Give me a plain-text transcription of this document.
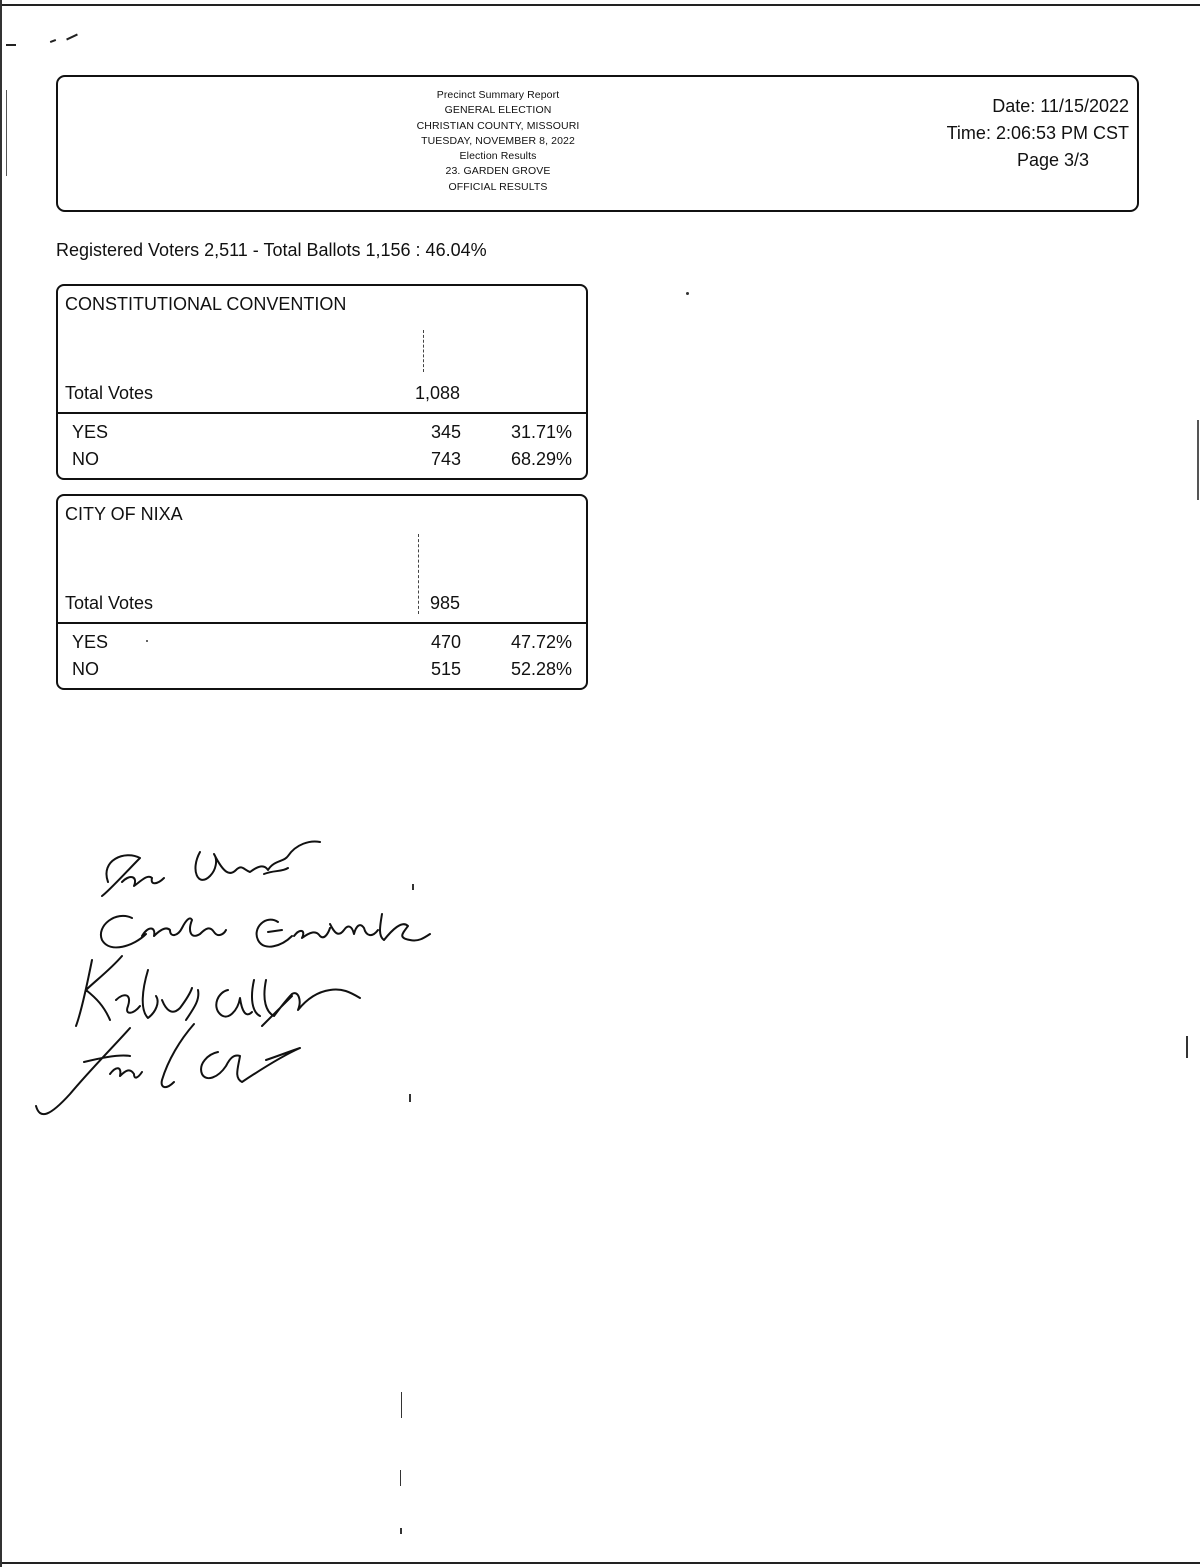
Precinct Summary Report
GENERAL ELECTION
CHRISTIAN COUNTY, MISSOURI
TUESDAY, NOVEMBER 8, 2022
Election Results
23. GARDEN GROVE
OFFICIAL RESULTS
Date: 11/15/2022
Time: 2:06:53 PM CST
Page 3/3
Registered Voters 2,511 - Total Ballots 1,156 : 46.04%
CONSTITUTIONAL CONVENTION
Total Votes	1,088
YES	345	31.71%
NO	743	68.29%
CITY OF NIXA
Total Votes	985
YES	470	47.72%
NO	515	52.28%
